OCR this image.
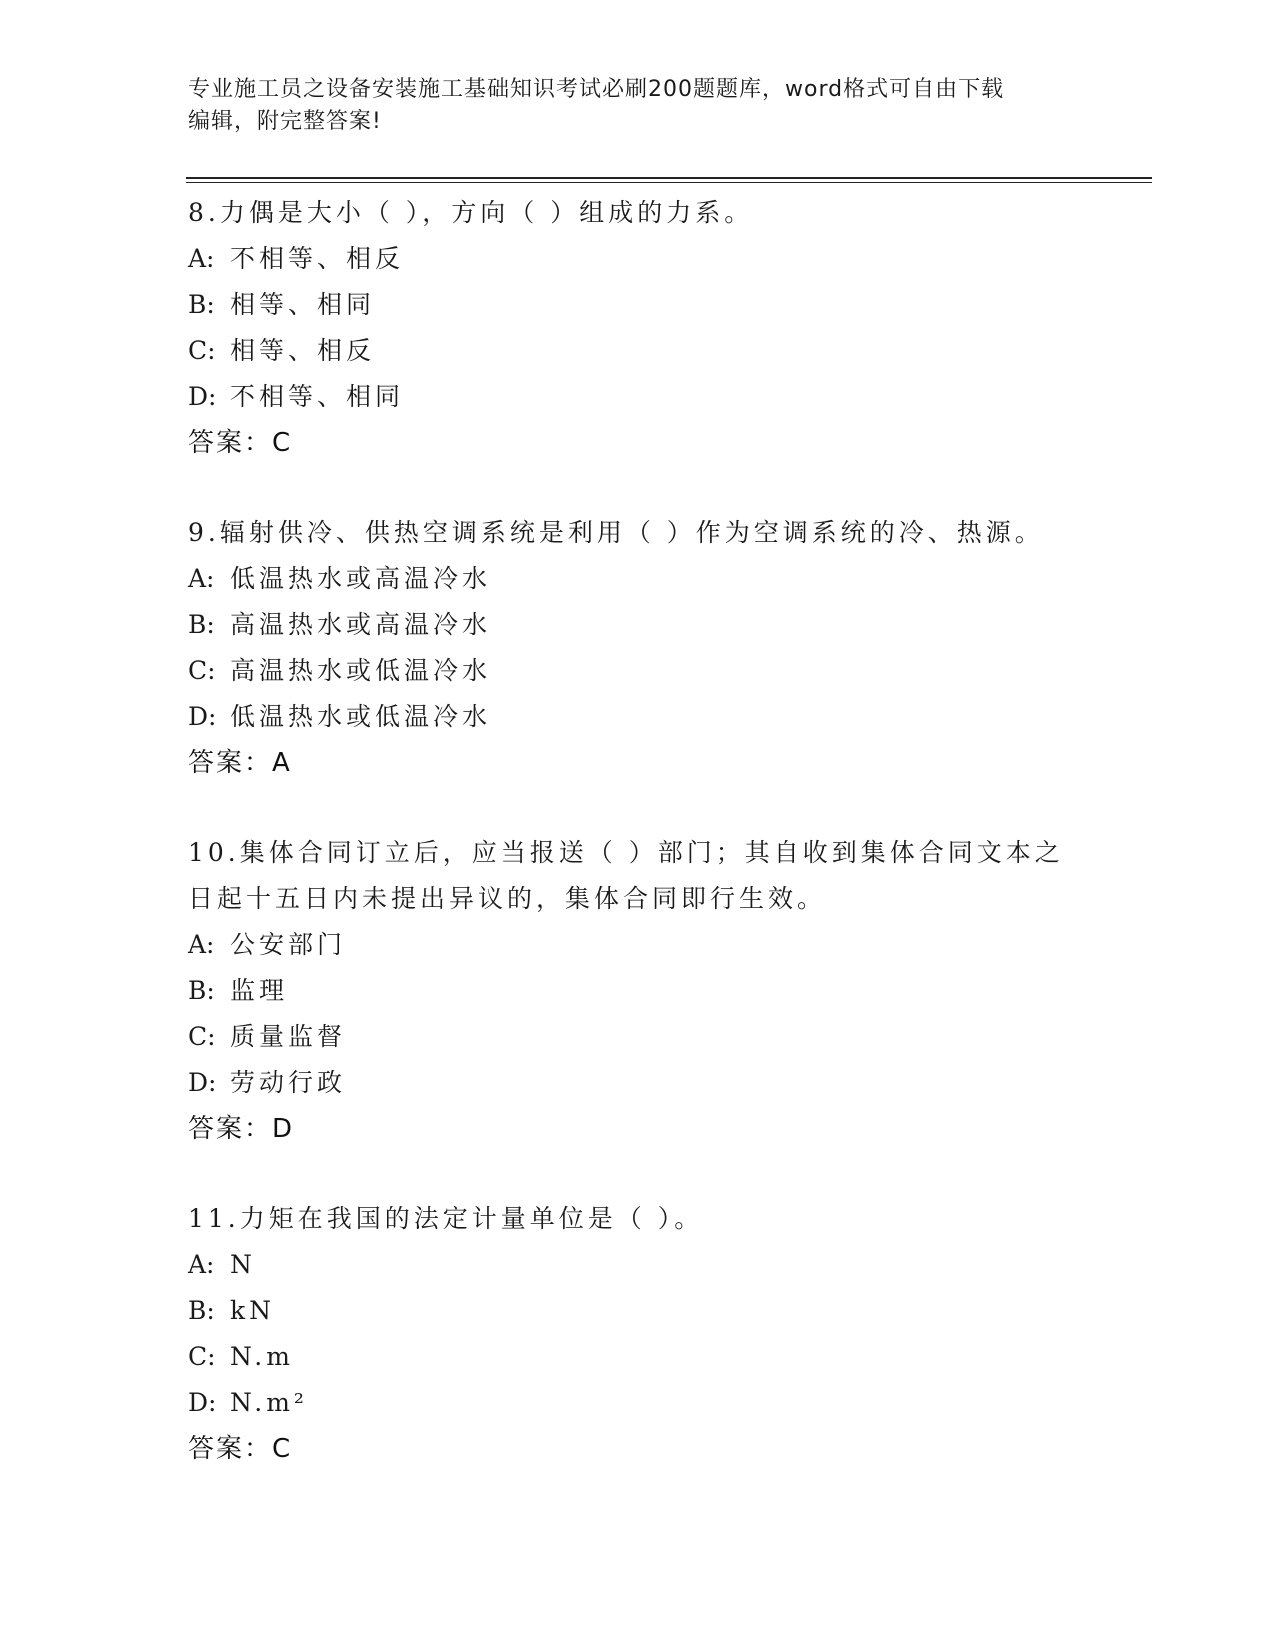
专业施工员之设备安装施工基础知识考试必刷200题题库，word格式可自由下载
编辑，附完整答案!
8.力偶是大小（ ），方向（ ）组成的力系。
A: 不相等、相反
B: 相等、相同
C: 相等、相反
D: 不相等、相同
答案：C
9.辐射供冷、供热空调系统是利用（ ）作为空调系统的冷、热源。
A: 低温热水或高温冷水
B: 高温热水或高温冷水
C: 高温热水或低温冷水
D: 低温热水或低温冷水
答案：A
10.集体合同订立后，应当报送（ ）部门；其自收到集体合同文本之
日起十五日内未提出异议的，集体合同即行生效。
A: 公安部门
B: 监理
C: 质量监督
D: 劳动行政
答案：D
11.力矩在我国的法定计量单位是（ ）。
A: N
B: kN
C: N.m
D: N.m²
答案：C
